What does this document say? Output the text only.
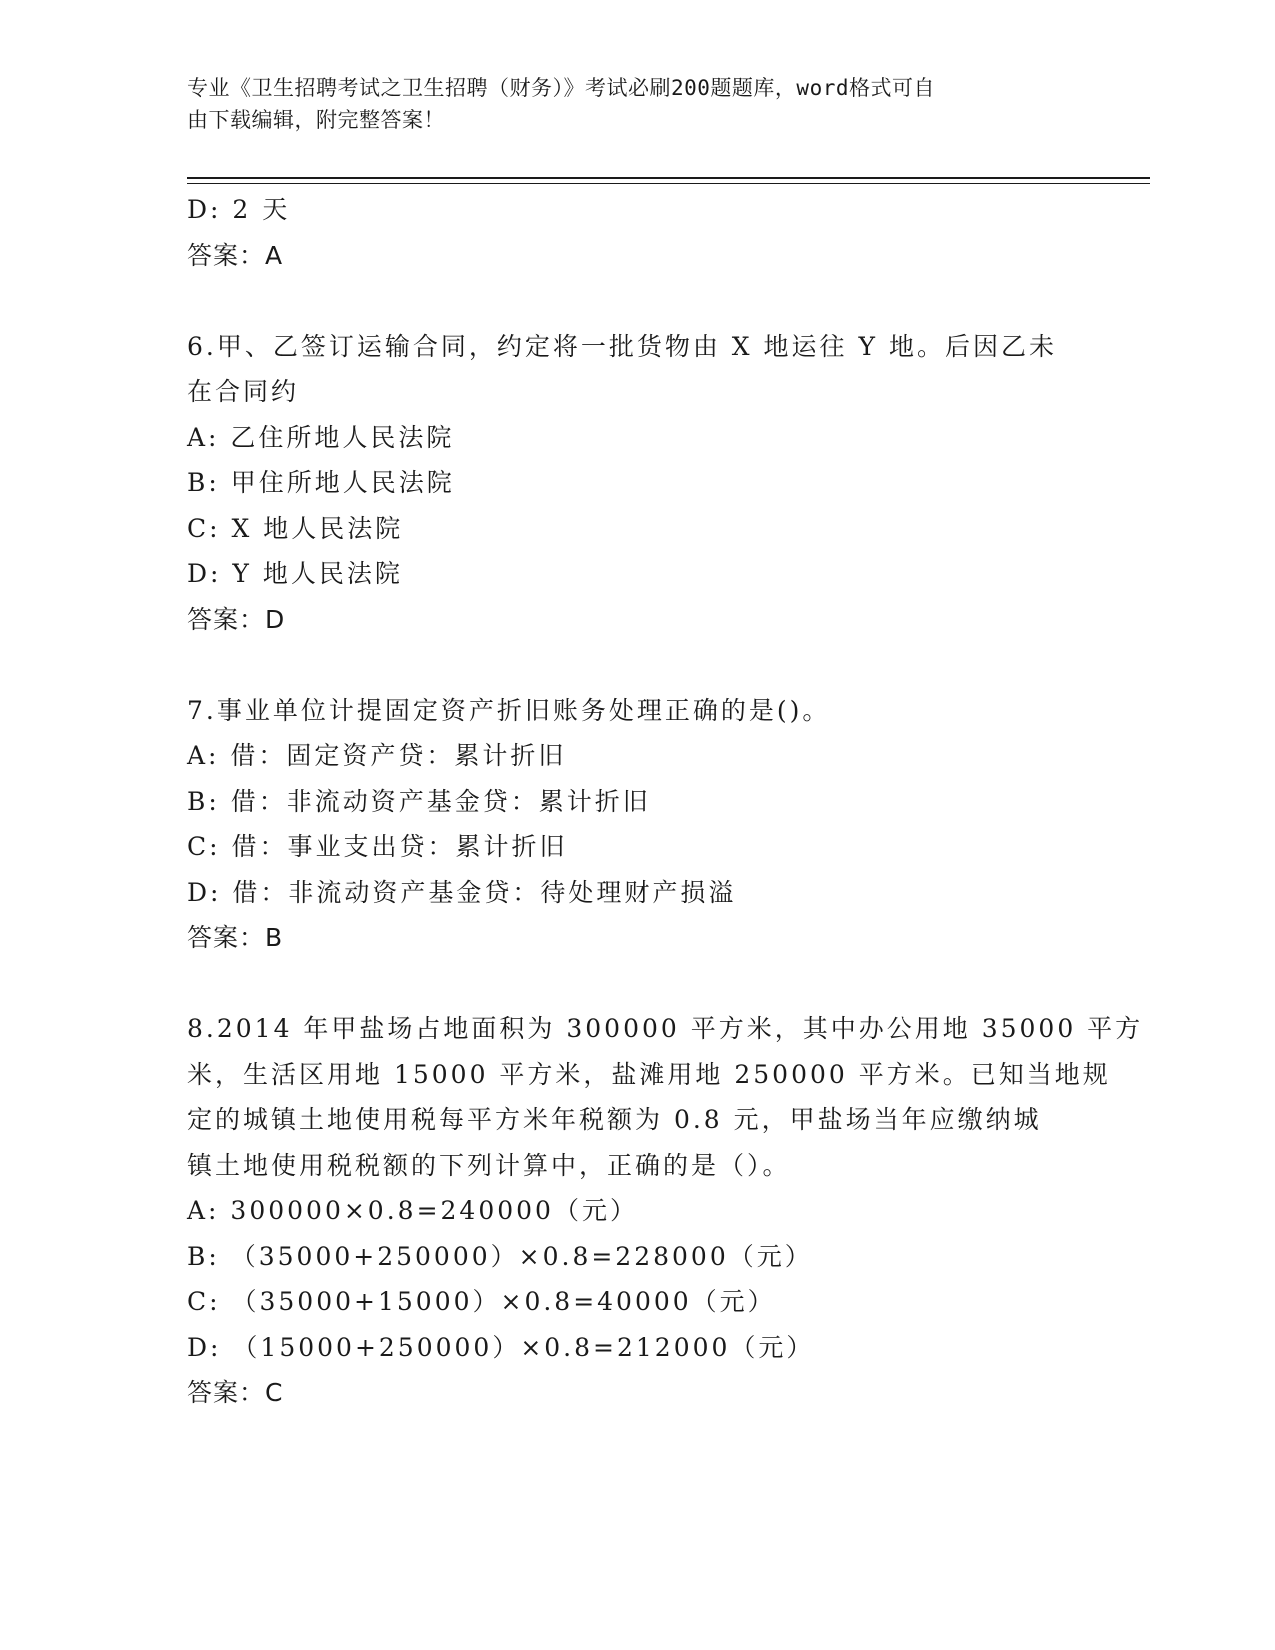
专业《卫生招聘考试之卫生招聘（财务）》考试必刷200题题库，word格式可自
由下载编辑，附完整答案！
D: 2 天
答案：A
6.甲、乙签订运输合同，约定将一批货物由 X 地运往 Y 地。后因乙未
在合同约
A: 乙住所地人民法院
B: 甲住所地人民法院
C: X 地人民法院
D: Y 地人民法院
答案：D
7.事业单位计提固定资产折旧账务处理正确的是()。
A: 借：固定资产贷：累计折旧
B: 借：非流动资产基金贷：累计折旧
C: 借：事业支出贷：累计折旧
D: 借：非流动资产基金贷：待处理财产损溢
答案：B
8.2014 年甲盐场占地面积为 300000 平方米，其中办公用地 35000 平方
米，生活区用地 15000 平方米，盐滩用地 250000 平方米。已知当地规
定的城镇土地使用税每平方米年税额为 0.8 元，甲盐场当年应缴纳城
镇土地使用税税额的下列计算中，正确的是（）。
A: 300000×0.8=240000（元）
B: （35000+250000）×0.8=228000（元）
C: （35000+15000）×0.8=40000（元）
D: （15000+250000）×0.8=212000（元）
答案：C
